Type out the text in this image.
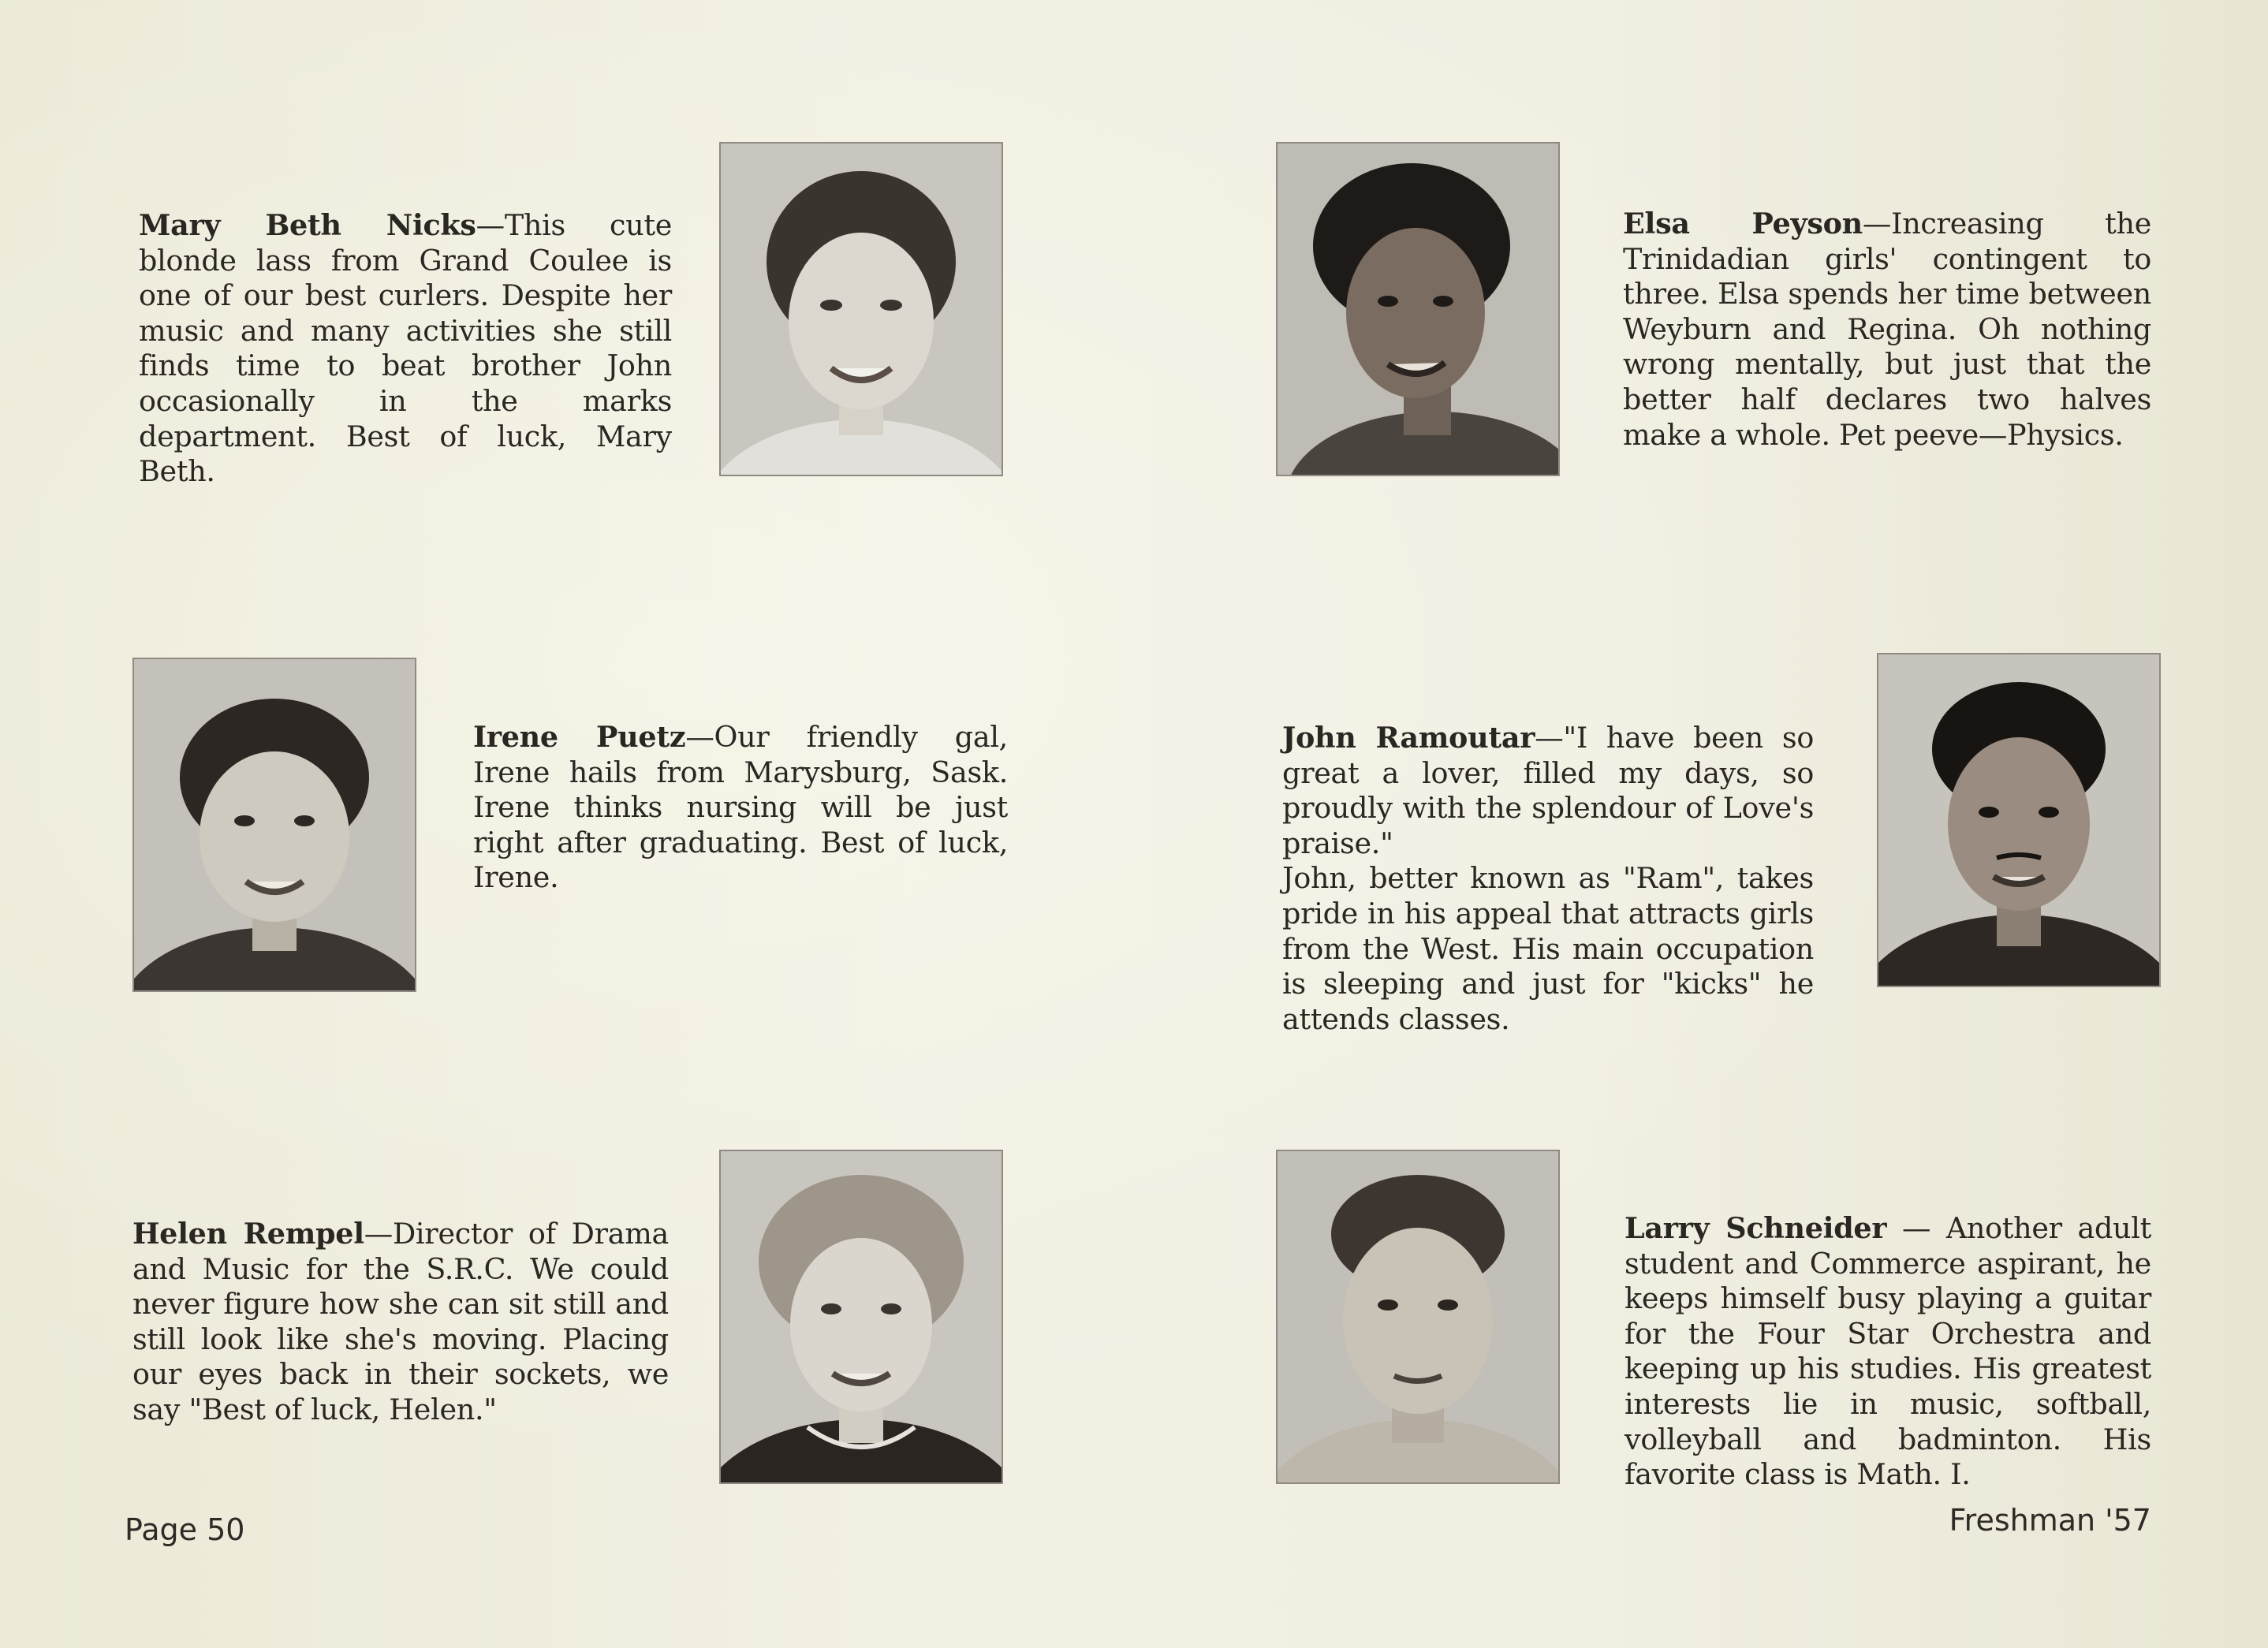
Mary Beth Nicks—This cute blonde lass from Grand Coulee is one of our best curlers. Despite her music and many activities she still finds time to beat brother John occasionally in the marks department. Best of luck, Mary Beth.
Elsa Peyson—Increasing the Trinidadian girls' contingent to three. Elsa spends her time between Weyburn and Regina. Oh nothing wrong mentally, but just that the better half declares two halves make a whole. Pet peeve—Physics.
Irene Puetz—Our friendly gal, Irene hails from Marysburg, Sask. Irene thinks nursing will be just right after graduating. Best of luck, Irene.
John Ramoutar—"I have been so great a lover, filled my days, so proudly with the splendour of Love's praise."
John, better known as "Ram", takes pride in his appeal that attracts girls from the West. His main occupation is sleeping and just for "kicks" he attends classes.
Helen Rempel—Director of Drama and Music for the S.R.C. We could never figure how she can sit still and still look like she's moving. Placing our eyes back in their sockets, we say "Best of luck, Helen."
Larry Schneider — Another adult student and Commerce aspirant, he keeps himself busy playing a guitar for the Four Star Orchestra and keeping up his studies. His greatest interests lie in music, softball, volleyball and badminton. His favorite class is Math. I.
Page 50	Freshman '57
